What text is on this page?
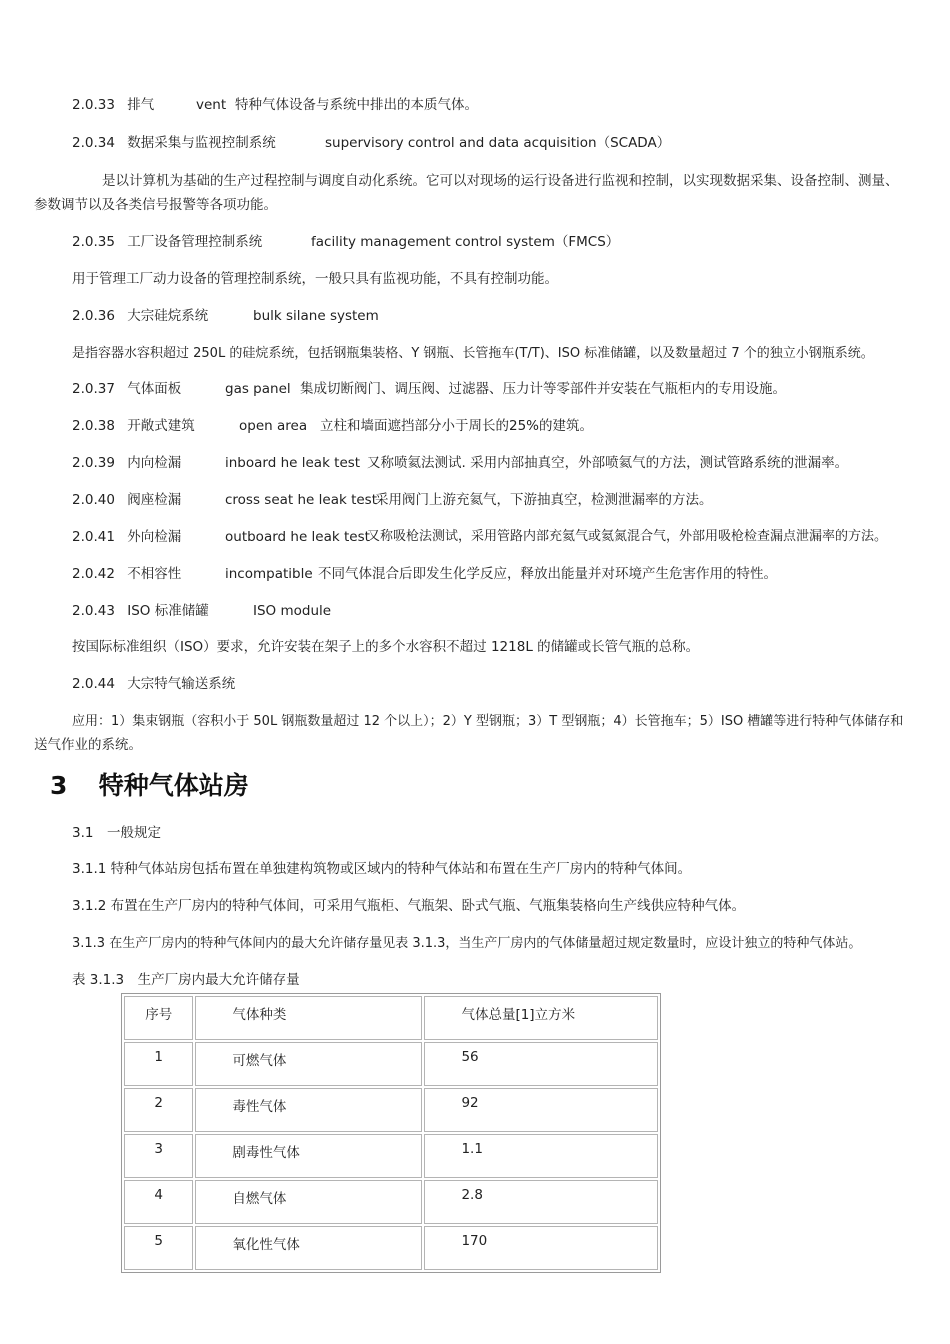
2.0.33 排气	vent 特种气体设备与系统中排出的本质气体。
2.0.34 数据采集与监视控制系统	supervisory control and data acquisition（SCADA）
是以计算机为基础的生产过程控制与调度自动化系统。它可以对现场的运行设备进行监视和控制，以实现数据采集、设备控制、测量、
参数调节以及各类信号报警等各项功能。
2.0.35 工厂设备管理控制系统	facility management control system（FMCS）
用于管理工厂动力设备的管理控制系统，一般只具有监视功能，不具有控制功能。
2.0.36 大宗硅烷系统	bulk silane system
是指容器水容积超过 250L 的硅烷系统，包括钢瓶集装格、Y 钢瓶、长管拖车(T/T)、ISO 标准储罐，以及数量超过 7 个的独立小钢瓶系统。
2.0.37 气体面板	gas panel 集成切断阀门、调压阀、过滤器、压力计等零部件并安装在气瓶柜内的专用设施。
2.0.38 开敞式建筑	open area 立柱和墙面遮挡部分小于周长的25%的建筑。
2.0.39 内向检漏	inboard he leak test 又称喷氦法测试. 采用内部抽真空，外部喷氦气的方法，测试管路系统的泄漏率。
2.0.40 阀座检漏	cross seat he leak test
采用阀门上游充氦气，下游抽真空，检测泄漏率的方法。
2.0.41 外向检漏	outboard he leak test
又称吸枪法测试，采用管路内部充氦气或氦氮混合气，外部用吸枪检查漏点泄漏率的方法。
2.0.42 不相容性	incompatible 不同气体混合后即发生化学反应，释放出能量并对环境产生危害作用的特性。
2.0.43 ISO 标准储罐	ISO module
按国际标准组织（ISO）要求，允许安装在架子上的多个水容积不超过 1218L 的储罐或长管气瓶的总称。
2.0.44 大宗特气输送系统
应用：1）集束钢瓶（容积小于 50L 钢瓶数量超过 12 个以上）；2）Y 型钢瓶；3）T 型钢瓶；4）长管拖车；5）ISO 槽罐等进行特种气体储存和
送气作业的系统。
3 特种气体站房
3.1　一般规定
3.1.1 特种气体站房包括布置在单独建构筑物或区域内的特种气体站和布置在生产厂房内的特种气体间。
3.1.2 布置在生产厂房内的特种气体间，可采用气瓶柜、气瓶架、卧式气瓶、气瓶集装格向生产线供应特种气体。
3.1.3 在生产厂房内的特种气体间内的最大允许储存量见表 3.1.3，当生产厂房内的气体储量超过规定数量时，应设计独立的特种气体站。
表 3.1.3　生产厂房内最大允许储存量
序号	气体种类	气体总量[1]立方米
1	可燃气体	56
2	毒性气体	92
3	剧毒性气体	1.1
4	自燃气体	2.8
5	氧化性气体	170
